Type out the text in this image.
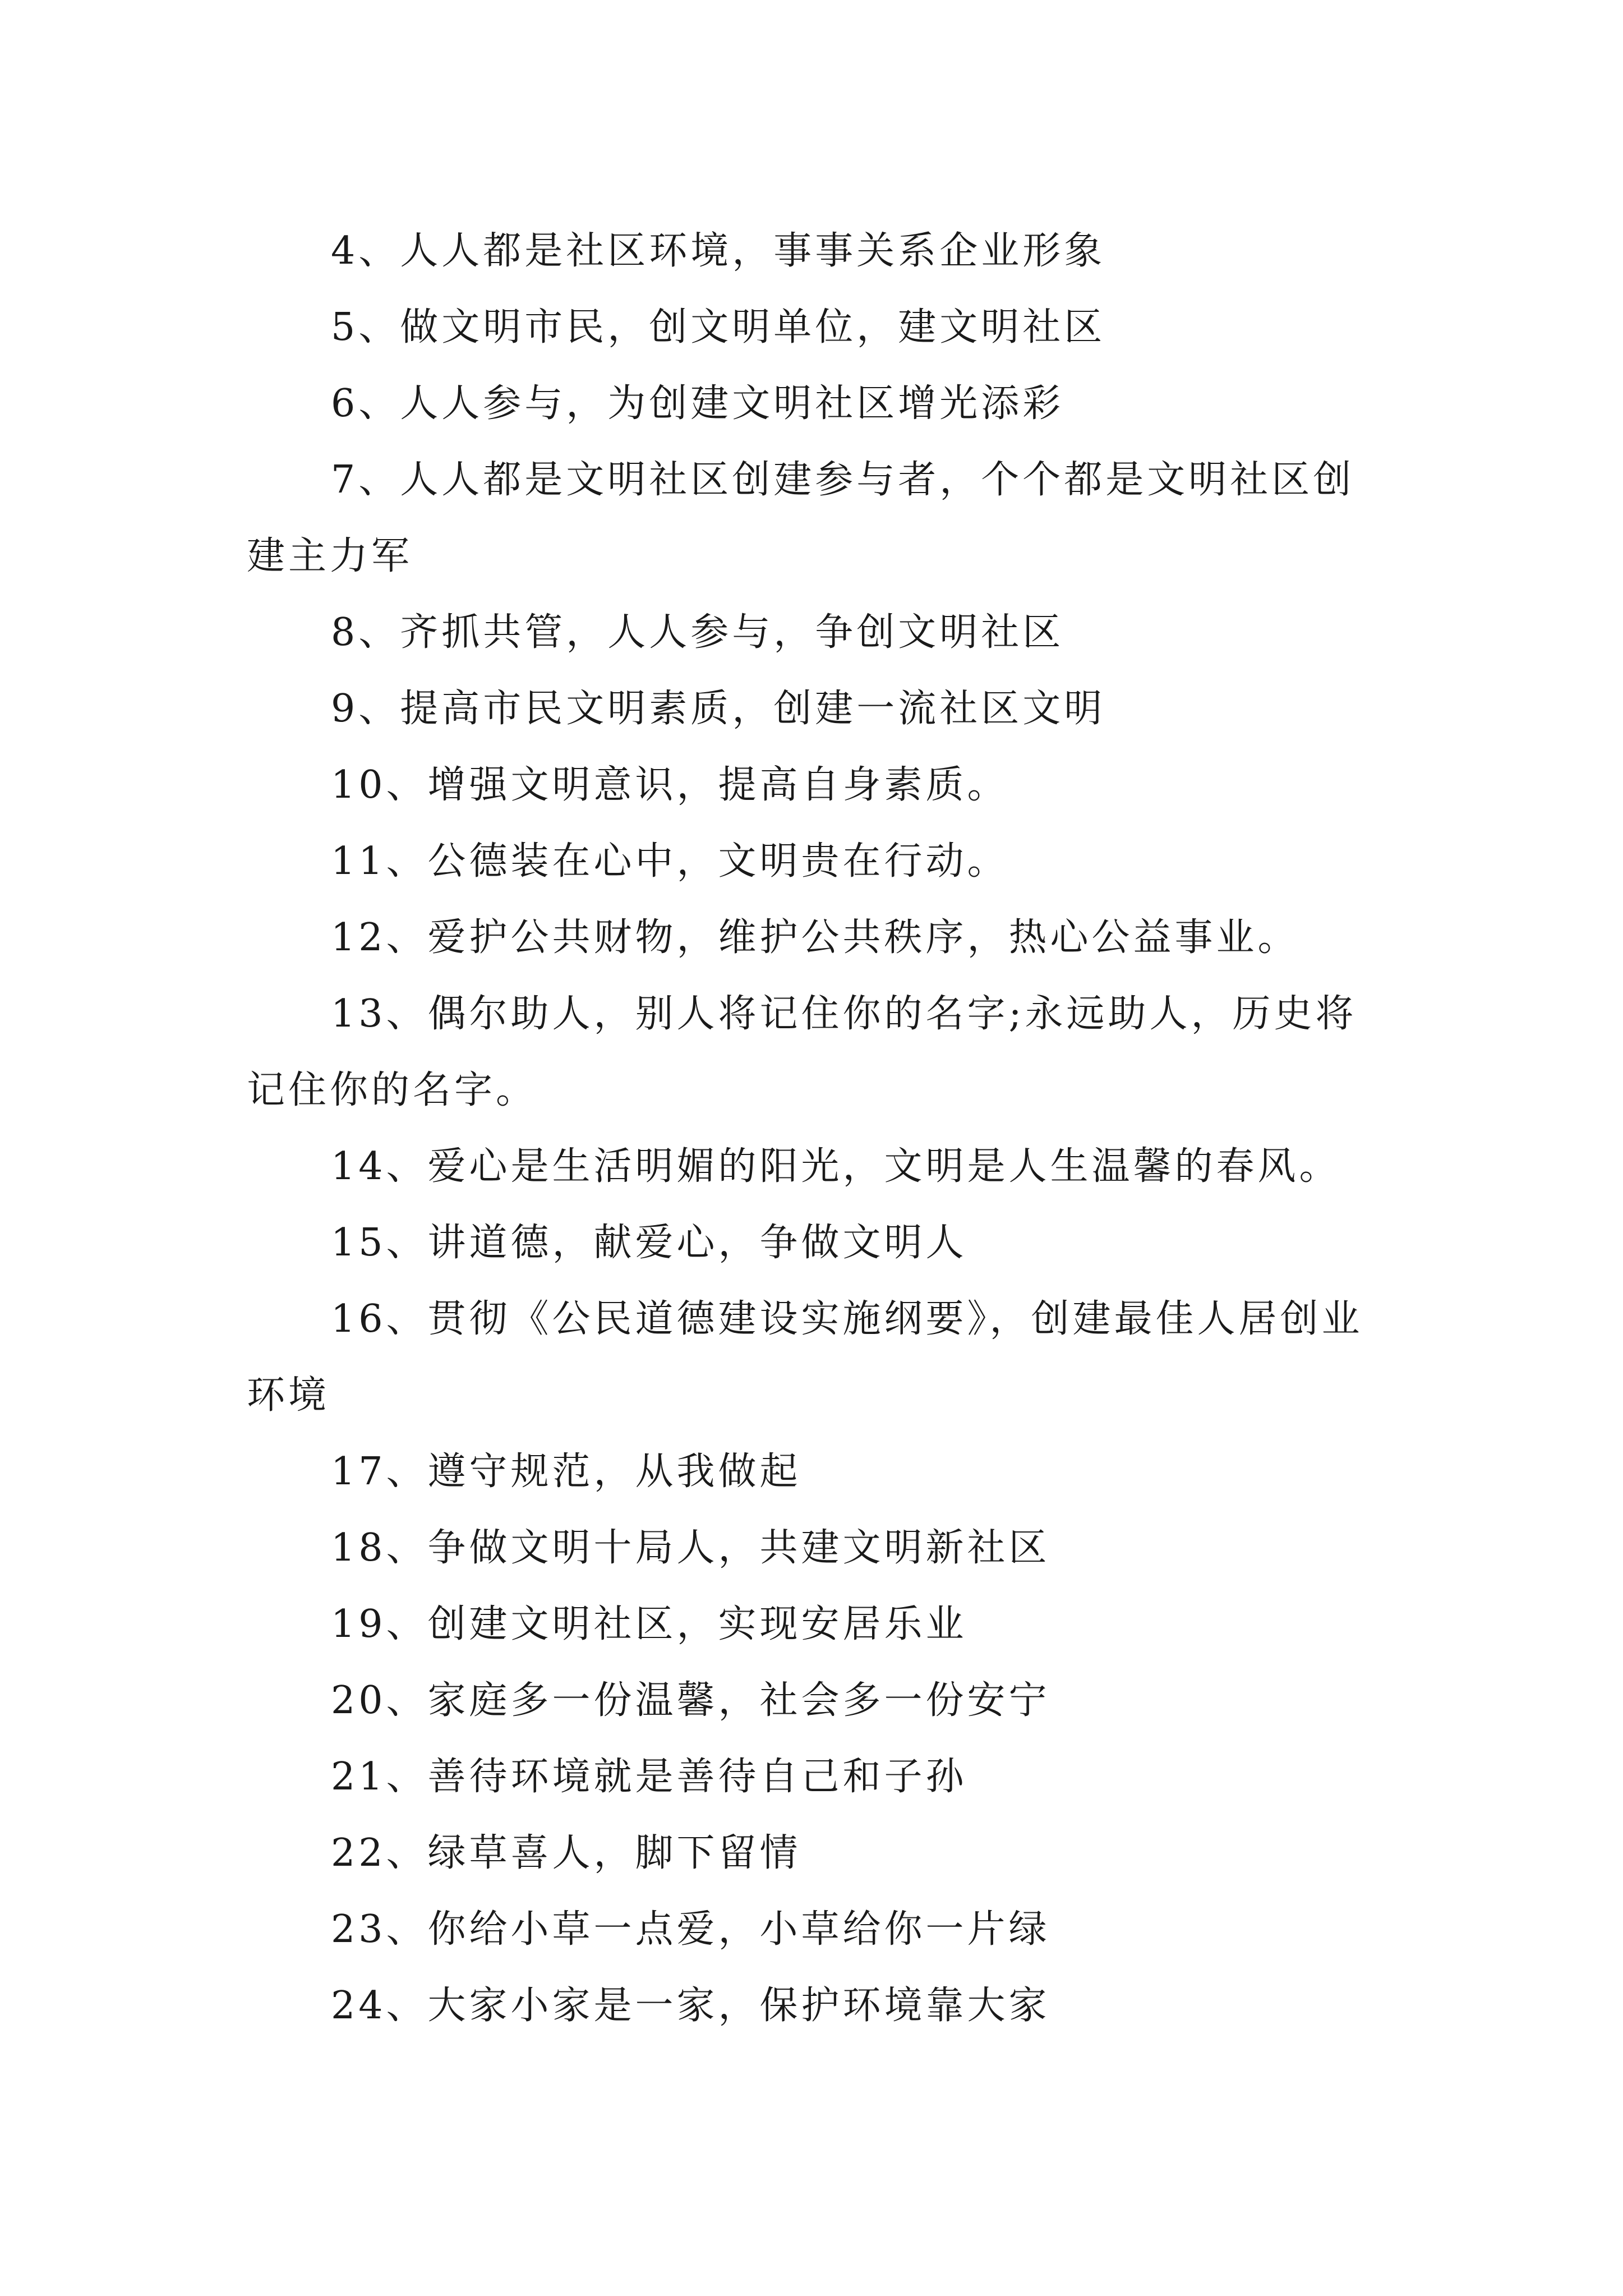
4、人人都是社区环境，事事关系企业形象

5、做文明市民，创文明单位，建文明社区

6、人人参与，为创建文明社区增光添彩

7、人人都是文明社区创建参与者，个个都是文明社区创建主力军

8、齐抓共管，人人参与，争创文明社区

9、提高市民文明素质，创建一流社区文明

10、增强文明意识，提高自身素质。

11、公德装在心中，文明贵在行动。

12、爱护公共财物，维护公共秩序，热心公益事业。

13、偶尔助人，别人将记住你的名字;永远助人，历史将记住你的名字。

14、爱心是生活明媚的阳光，文明是人生温馨的春风。

15、讲道德，献爱心，争做文明人

16、贯彻《公民道德建设实施纲要》，创建最佳人居创业环境

17、遵守规范，从我做起

18、争做文明十局人，共建文明新社区

19、创建文明社区，实现安居乐业

20、家庭多一份温馨，社会多一份安宁

21、善待环境就是善待自己和子孙

22、绿草喜人，脚下留情

23、你给小草一点爱，小草给你一片绿

24、大家小家是一家，保护环境靠大家
